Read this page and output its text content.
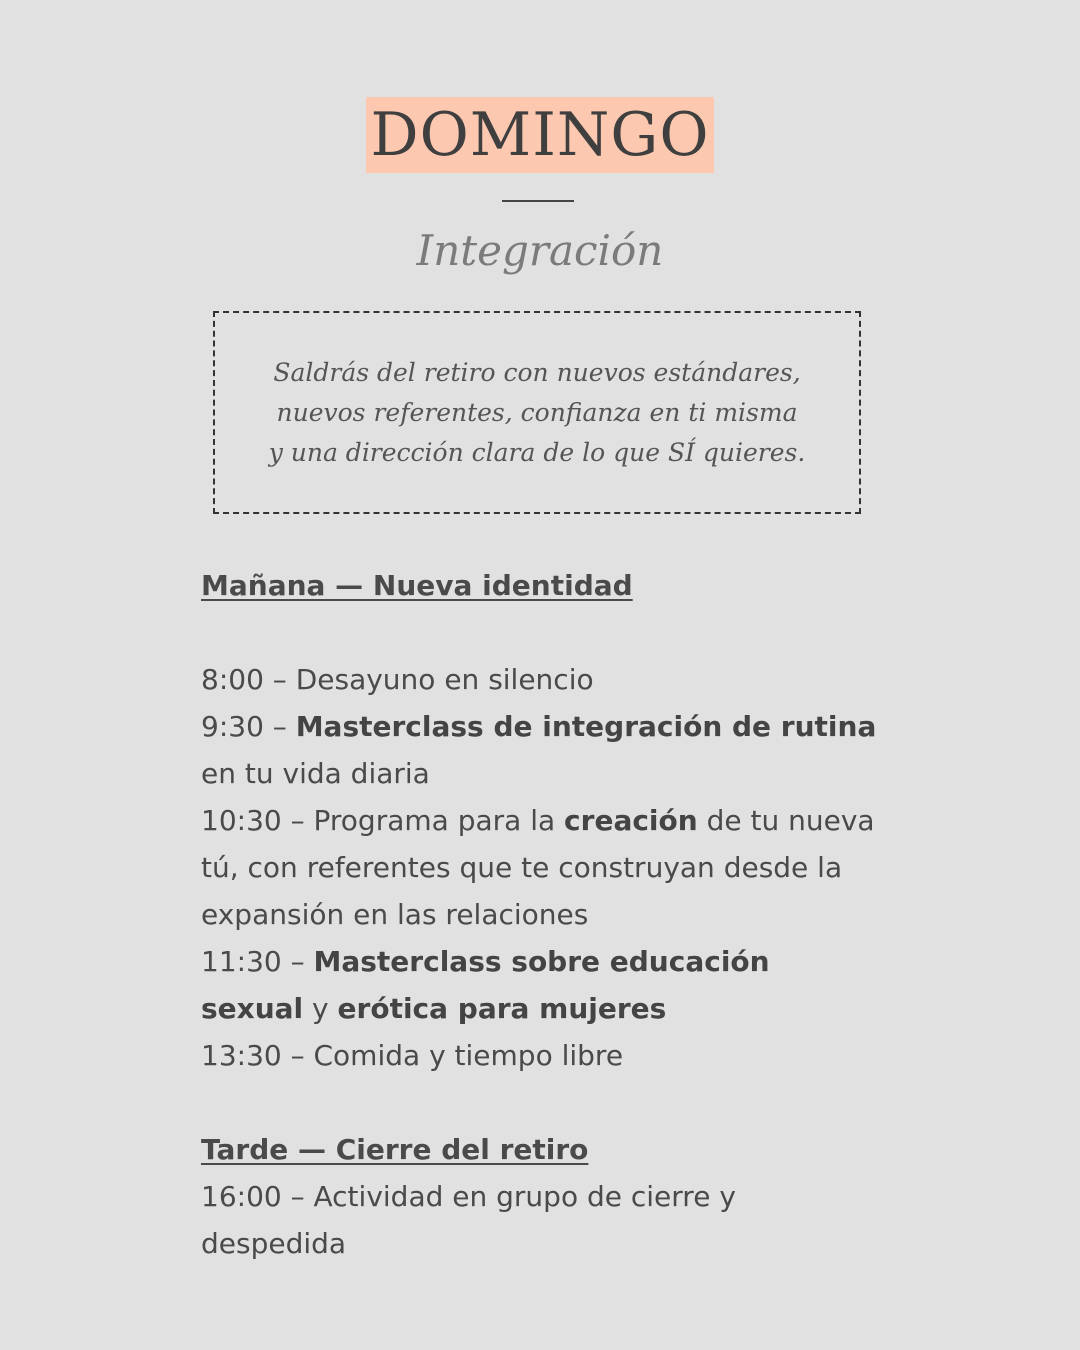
DOMINGO
Integración
Saldrás del retiro con nuevos estándares, nuevos referentes, confianza en ti misma y una dirección clara de lo que SÍ quieres.
Mañana — Nueva identidad
8:00 – Desayuno en silencio
9:30 – Masterclass de integración de rutina en tu vida diaria
10:30 – Programa para la creación de tu nueva tú, con referentes que te construyan desde la expansión en las relaciones
11:30 – Masterclass sobre educación sexual y erótica para mujeres
13:30 – Comida y tiempo libre
Tarde — Cierre del retiro
16:00 – Actividad en grupo de cierre y despedida
